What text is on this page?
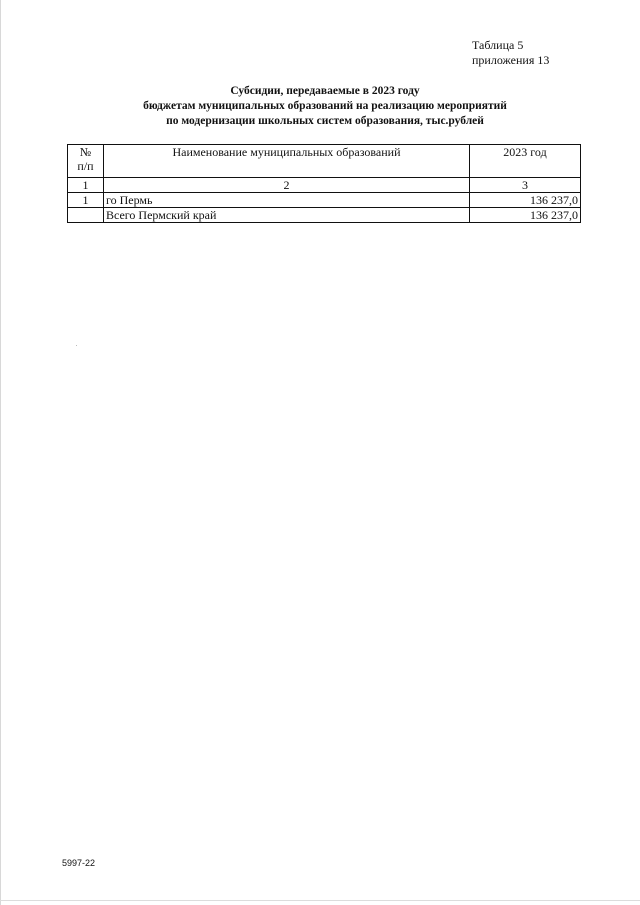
Таблица 5
приложения 13
Субсидии, передаваемые в 2023 году
бюджетам муниципальных образований на реализацию мероприятий
по модернизации школьных систем образования, тыс.рублей
№
п/п	Наименование муниципальных образований	2023 год
1	2	3
1	го Пермь	136 237,0
	Всего Пермский край	136 237,0
5997-22
